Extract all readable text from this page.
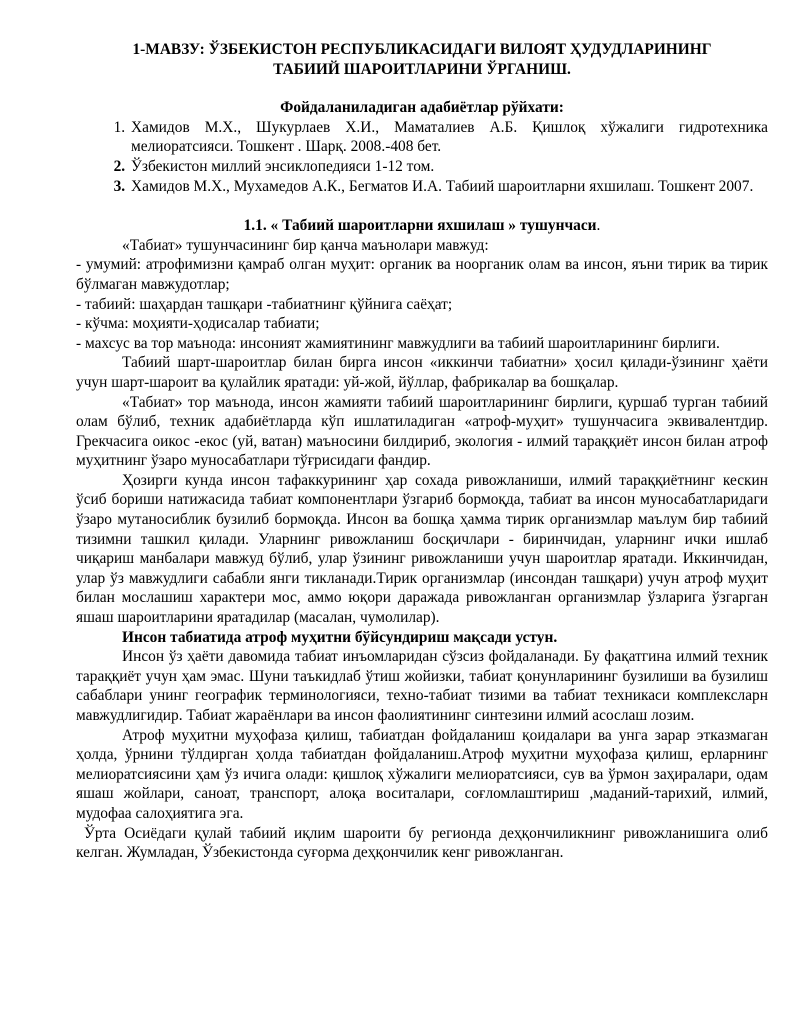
1-МАВЗУ: ЎЗБЕКИСТОН РЕСПУБЛИКАСИДАГИ ВИЛОЯТ ҲУДУДЛАРИНИНГ

ТАБИИЙ ШАРОИТЛАРИНИ ЎРГАНИШ.

Фойдаланиладиган адабиётлар рўйхати:

1. Хамидов М.Х., Шукурлаев Х.И., Маматалиев А.Б. Қишлоқ хўжалиги гидротехника мелиоратсияси. Тошкент . Шарқ. 2008.-408 бет.
2. Ўзбекистон миллий энсиклопедияси 1-12 том.
3. Хамидов М.Х., Мухамедов А.К., Бегматов И.А. Табиий шароитларни яхшилаш. Тошкент 2007.

1.1. « Табиий шароитларни яхшилаш » тушунчаси.

«Табиат» тушунчасининг бир қанча маънолари мавжуд:

- умумий: атрофимизни қамраб олган муҳит: органик ва ноорганик олам ва инсон, яъни тирик ва тирик бўлмаган мавжудотлар;

- табиий: шаҳардан ташқари -табиатнинг қўйнига саёҳат;

- кўчма: моҳияти-ҳодисалар табиати;

- махсус ва тор маънода: инсоният жамиятининг мавжудлиги ва табиий шароитларининг бирлиги.

Табиий шарт-шароитлар билан бирга инсон «иккинчи табиатни» ҳосил қилади-ўзининг ҳаёти учун шарт-шароит ва қулайлик яратади: уй-жой, йўллар, фабрикалар ва бошқалар.

«Табиат» тор маънода, инсон жамияти табиий шароитларининг бирлиги, қуршаб турган табиий олам бўлиб, техник адабиётларда кўп ишлатиладиган «атроф-муҳит» тушунчасига эквивалентдир. Грекчасига оикос -екос (уй, ватан) маъносини билдириб, экология - илмий тараққиёт инсон билан атроф муҳитнинг ўзаро муносабатлари тўғрисидаги фандир.

Ҳозирги кунда инсон тафаккурининг ҳар сохада ривожланиши, илмий тараққиётнинг кескин ўсиб бориши натижасида табиат компонентлари ўзгариб бормоқда, табиат ва инсон муносабатларидаги ўзаро мутаносиблик бузилиб бормоқда. Инсон ва бошқа ҳамма тирик организмлар маълум бир табиий тизимни ташкил қилади. Уларнинг ривожланиш босқичлари - биринчидан, уларнинг ички ишлаб чиқариш манбалари мавжуд бўлиб, улар ўзининг ривожланиши учун шароитлар яратади. Иккинчидан, улар ўз мавжудлиги сабабли янги тикланади.Тирик организмлар (инсондан ташқари) учун атроф муҳит билан мослашиш характери мос, аммо юқори даражада ривожланган организмлар ўзларига ўзгарган яшаш шароитларини яратадилар (масалан, чумолилар).

Инсон табиатида атроф муҳитни бўйсундириш мақсади устун.

Инсон ўз ҳаёти давомида табиат инъомларидан сўзсиз фойдаланади. Бу фақатгина илмий техник тараққиёт учун ҳам эмас. Шуни таъкидлаб ўтиш жойизки, табиат қонунларининг бузилиши ва бузилиш сабаблари унинг географик терминологияси, техно-табиат тизими ва табиат техникаси комплексларн мавжудлигидир. Табиат жараёнлари ва инсон фаолиятининг синтезини илмий асослаш лозим.

Атроф муҳитни муҳофаза қилиш, табиатдан фойдаланиш қоидалари ва унга зарар этказмаган ҳолда, ўрнини тўлдирган ҳолда табиатдан фойдаланиш.Атроф муҳитни муҳофаза қилиш, ерларнинг мелиоратсиясини ҳам ўз ичига олади: қишлоқ хўжалиги мелиоратсияси, сув ва ўрмон заҳиралари, одам яшаш жойлари, саноат, транспорт, алоқа воситалари, соғломлаштириш ,маданий-тарихий, илмий, мудофаа салоҳиятига эга.

Ўрта Осиёдаги қулай табиий иқлим шароити бу регионда деҳқончиликнинг ривожланишига олиб келган. Жумладан, Ўзбекистонда суғорма деҳқончилик кенг ривожланган.
